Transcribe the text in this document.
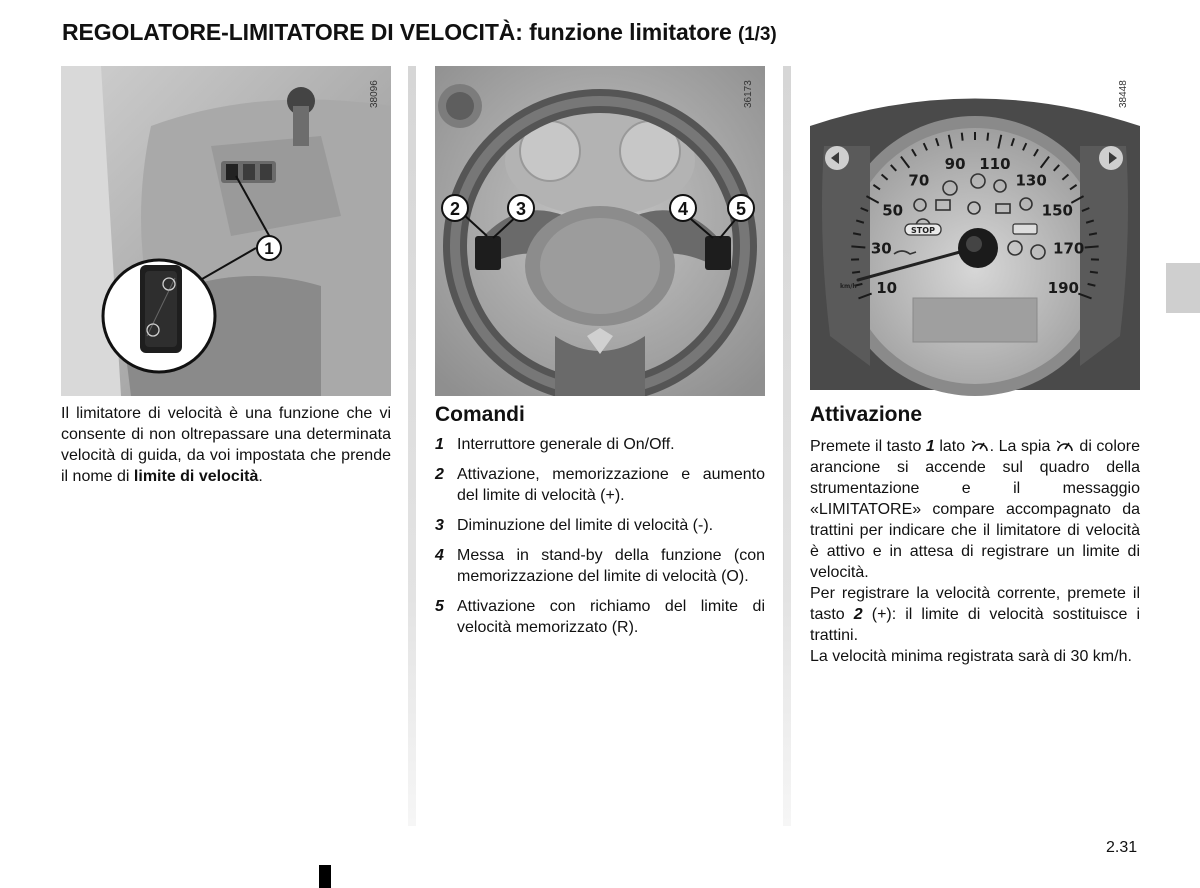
REGOLATORE-LIMITATORE DI VELOCITÀ: funzione limitatore (1/3)
1
38096
2	3	4	5
36173
10
30
50
70
90 110
130
150
170
190
STOP
km/h
38448
Il limitatore di velocità è una funzione che vi consente di non oltrepassare una determinata velocità di guida, da voi impostata che prende il nome di limite di velocità.
Comandi
1 Interruttore generale di On/Off.
2 Attivazione, memorizzazione e aumento del limite di velocità (+).
3 Diminuzione del limite di velocità (-).
4 Messa in stand-by della funzione (con memorizzazione del limite di velocità (O).
5 Attivazione con richiamo del limite di velocità memorizzato (R).
Attivazione

Premete il tasto 1 lato . La spia  di colore arancione si accende sul quadro della strumentazione e il messaggio «LIMITATORE» compare accompagnato da trattini per indicare che il limitatore di velocità è attivo e in attesa di registrare un limite di velocità.

Per registrare la velocità corrente, premete il tasto 2 (+): il limite di velocità sostituisce i trattini.

La velocità minima registrata sarà di 30 km/h.

2.31
